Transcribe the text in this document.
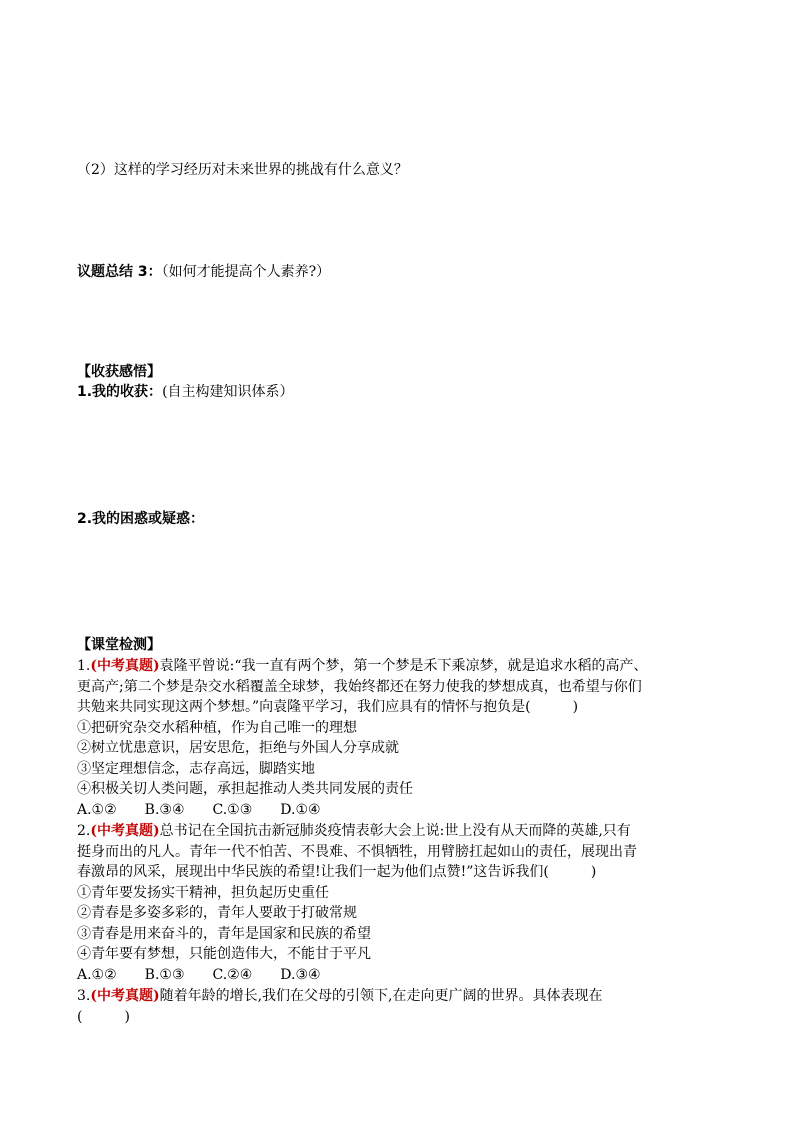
（2）这样的学习经历对未来世界的挑战有什么意义？
议题总结 3：（如何才能提高个人素养?）
【收获感悟】
1.我的收获：(自主构建知识体系）
2.我的困惑或疑惑：
【课堂检测】
1.(中考真题)袁隆平曾说:“我一直有两个梦，第一个梦是禾下乘凉梦，就是追求水稻的高产、
更高产;第二个梦是杂交水稻覆盖全球梦，我始终都还在努力使我的梦想成真，也希望与你们
共勉来共同实现这两个梦想。”向袁隆平学习，我们应具有的情怀与抱负是(　　　)
①把研究杂交水稻种植，作为自己唯一的理想
②树立忧患意识，居安思危，拒绝与外国人分享成就
③坚定理想信念，志存高远，脚踏实地
④积极关切人类问题，承担起推动人类共同发展的责任
A.①②　　B.③④　　C.①③　　D.①④
2.(中考真题)总书记在全国抗击新冠肺炎疫情表彰大会上说:世上没有从天而降的英雄,只有
挺身而出的凡人。青年一代不怕苦、不畏难、不惧牺牲，用臂膀扛起如山的责任，展现出青
春激昂的风采，展现出中华民族的希望!让我们一起为他们点赞!”这告诉我们(　　　)
①青年要发扬实干精神，担负起历史重任
②青春是多姿多彩的，青年人要敢于打破常规
③青春是用来奋斗的，青年是国家和民族的希望
④青年要有梦想，只能创造伟大，不能甘于平凡
A.①②　　B.①③　　C.②④　　D.③④
3.(中考真题)随着年龄的增长,我们在父母的引领下,在走向更广阔的世界。具体表现在
(　　　)
